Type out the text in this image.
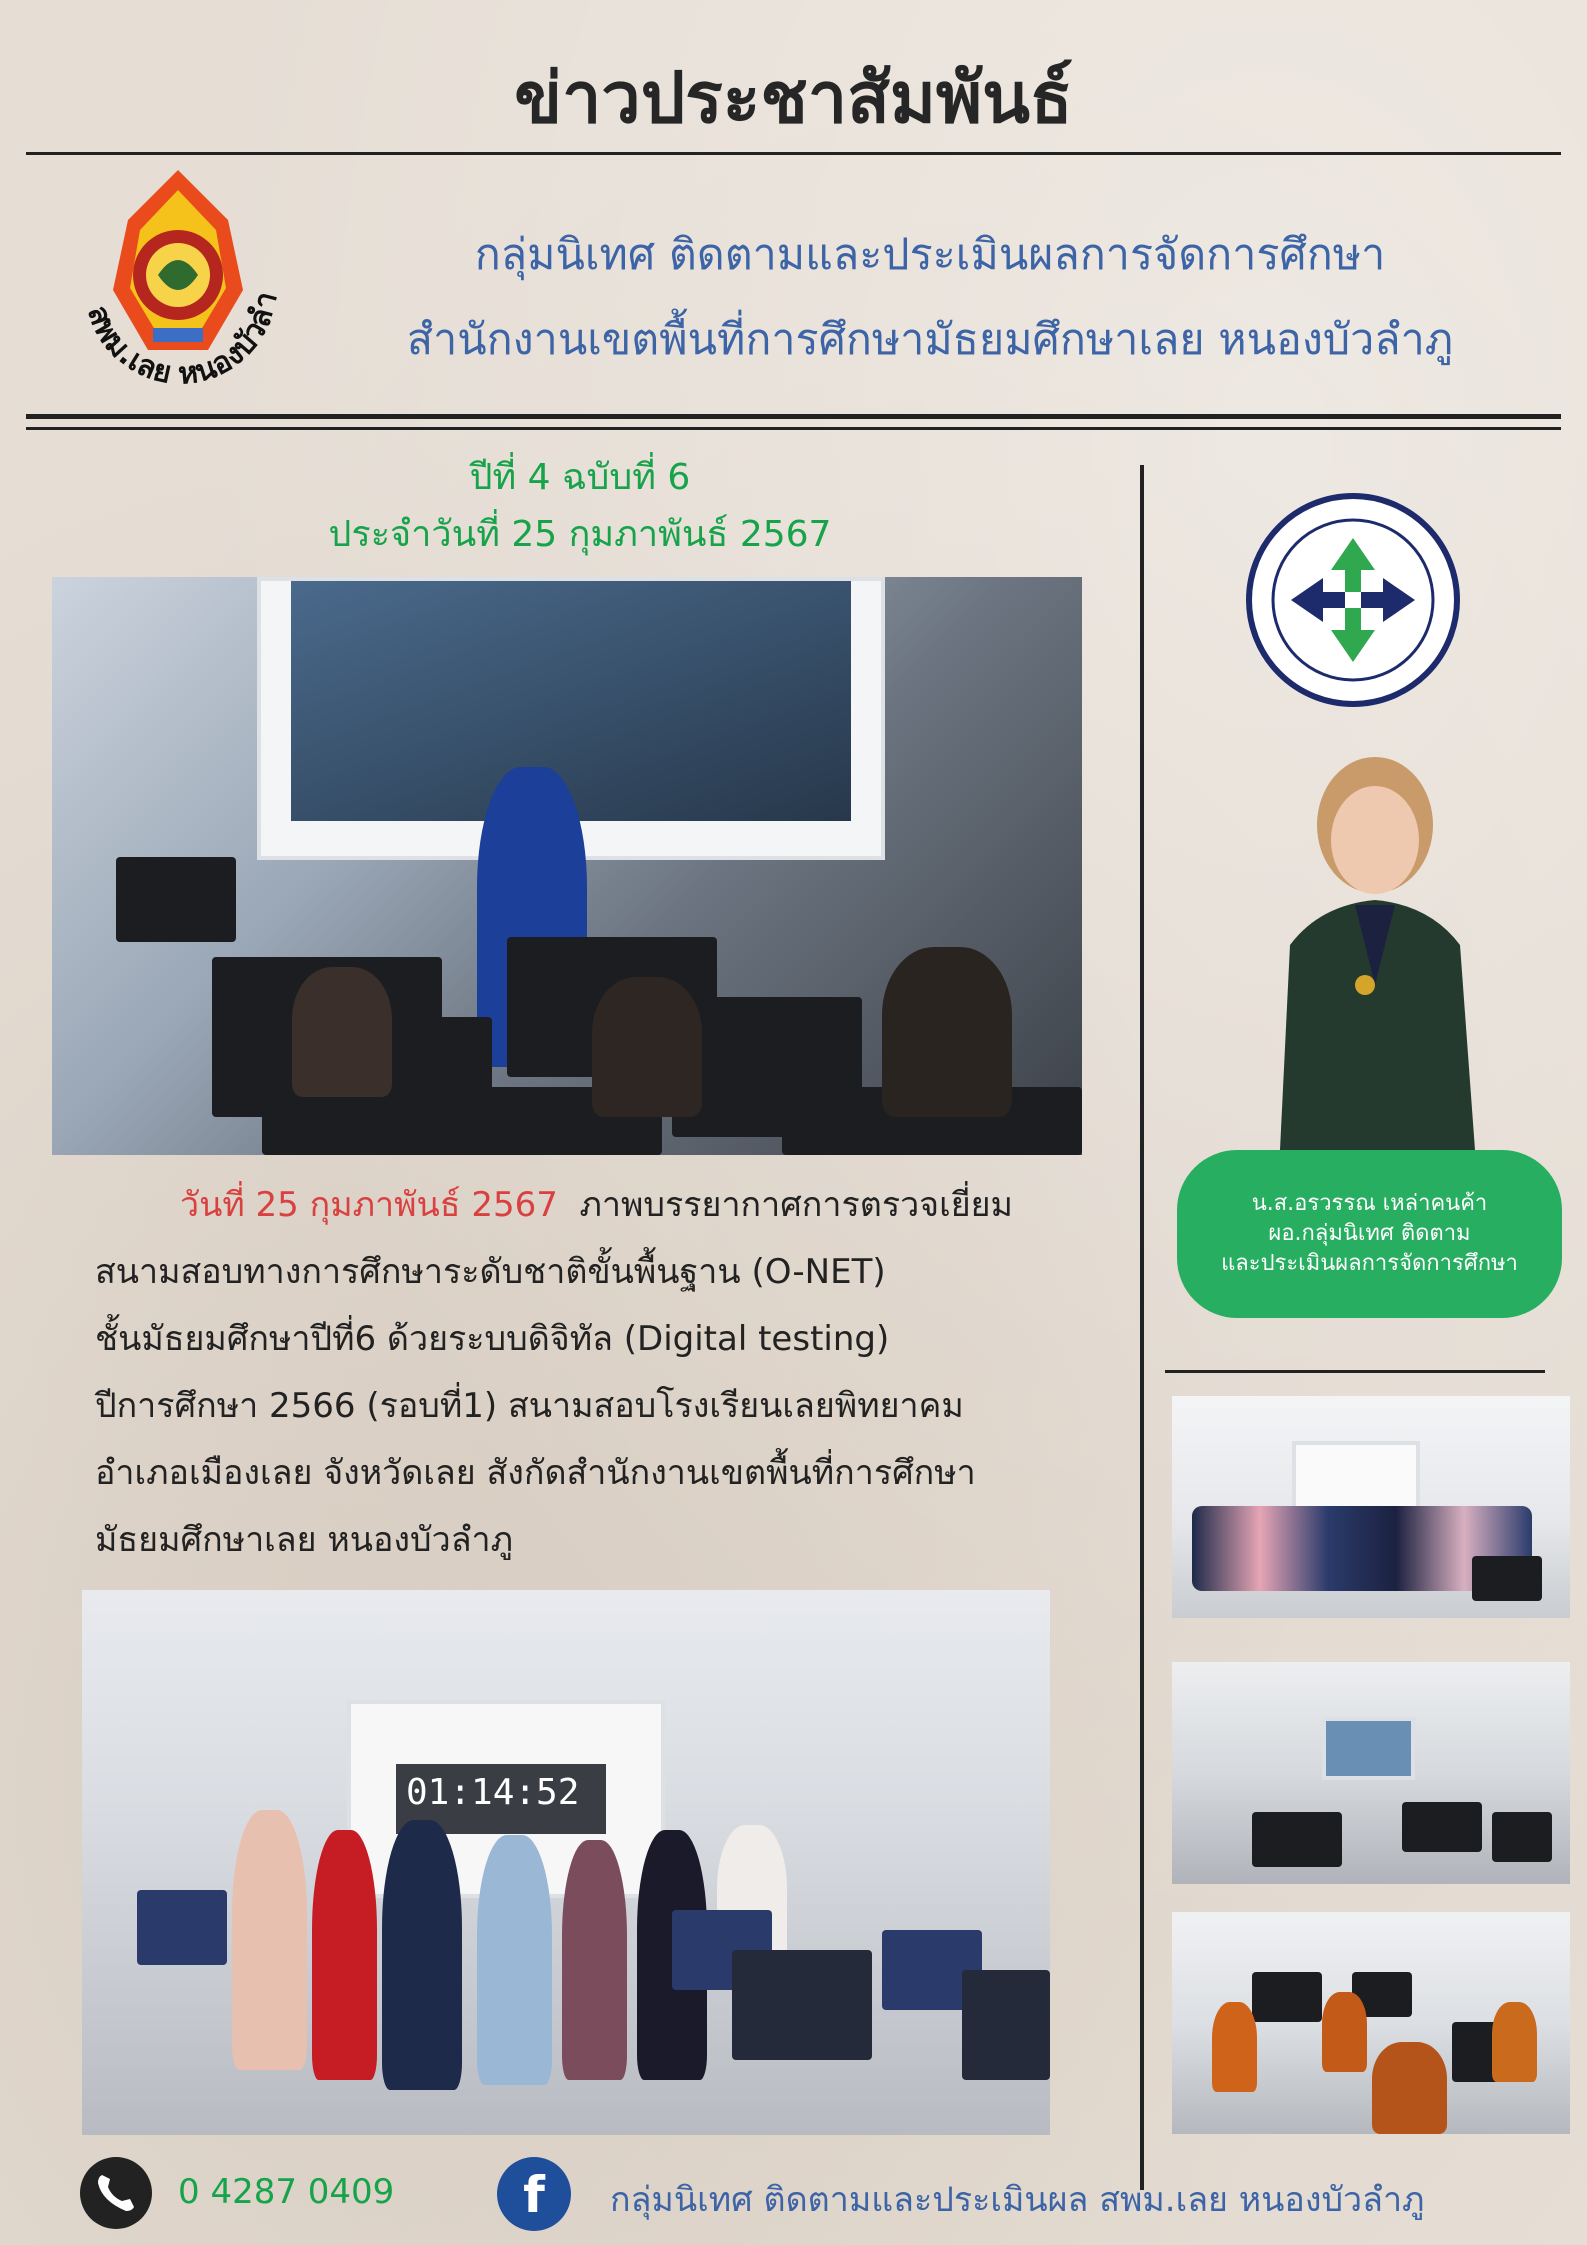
ข่าวประชาสัมพันธ์
สพม.เลย หนองบัวลำ
กลุ่มนิเทศ ติดตามและประเมินผลการจัดการศึกษา
สำนักงานเขตพื้นที่การศึกษามัธยมศึกษาเลย หนองบัวลำภู
ปีที่ 4 ฉบับที่ 6
ประจำวันที่ 25 กุมภาพันธ์ 2567
วันที่ 25 กุมภาพันธ์ 2567 ภาพบรรยากาศการตรวจเยี่ยม
สนามสอบทางการศึกษาระดับชาติขั้นพื้นฐาน (O-NET)
ชั้นมัธยมศึกษาปีที่6 ด้วยระบบดิจิทัล (Digital testing)
ปีการศึกษา 2566 (รอบที่1) สนามสอบโรงเรียนเลยพิทยาคม
อำเภอเมืองเลย จังหวัดเลย สังกัดสำนักงานเขตพื้นที่การศึกษา
มัธยมศึกษาเลย หนองบัวลำภู
01:14:52
น.ส.อรวรรณ เหล่าคนค้า
ผอ.กลุ่มนิเทศ ติดตาม
และประเมินผลการจัดการศึกษา
0 4287 0409	f กลุ่มนิเทศ ติดตามและประเมินผล สพม.เลย หนองบัวลำภู
